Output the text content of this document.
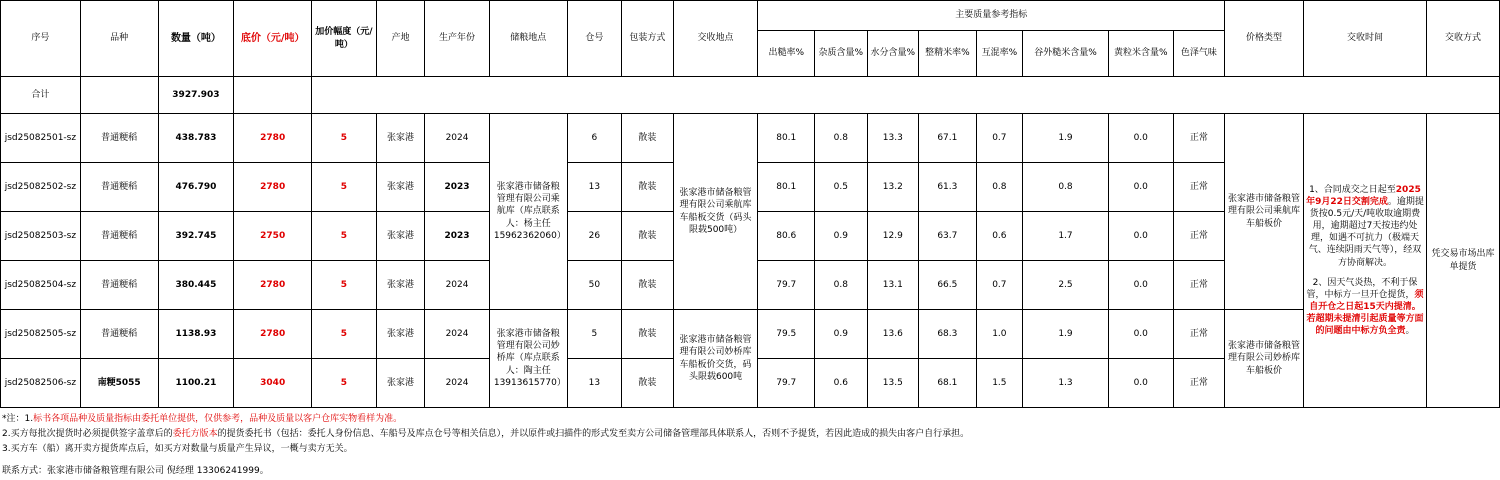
序号	品种	数量（吨）	底价（元/吨）	加价幅度（元/吨）	产地	生产年份	储粮地点	仓号	包装方式	交收地点	主要质量参考指标								价格类型	交收时间	交收方式
											出糙率%	杂质含量%	水分含量%	整精米率%	互混率%	谷外糙米含量%	黄粒米含量%	色泽气味			
合计		3927.903																			
jsd25082501-sz	普通粳稻	438.783	2780	5	张家港	2024	张家港市储备粮管理有限公司乘航库（库点联系人：杨主任15962362060）	6	散装	张家港市储备粮管理有限公司乘航库车船板交货（码头限载500吨）	80.1	0.8	13.3	67.1	0.7	1.9	0.0	正常	张家港市储备粮管理有限公司乘航库车船板价	1、合同成交之日起至2025年9月22日交割完成。逾期提货按0.5元/天/吨收取逾期费用，逾期超过7天按违约处理，如遇不可抗力（极端天气、连续阴雨天气等），经双方协商解决。
2、因天气炎热，不利于保管，中标方一旦开仓提货，须自开仓之日起15天内提清。若超期未提清引起质量等方面的问题由中标方负全责。	凭交易市场出库单提货
jsd25082502-sz	普通粳稻	476.790	2780	5	张家港	2023		13	散装		80.1	0.5	13.2	61.3	0.8	0.8	0.0	正常			
jsd25082503-sz	普通粳稻	392.745	2750	5	张家港	2023		26	散装		80.6	0.9	12.9	63.7	0.6	1.7	0.0	正常			
jsd25082504-sz	普通粳稻	380.445	2780	5	张家港	2024		50	散装		79.7	0.8	13.1	66.5	0.7	2.5	0.0	正常			
jsd25082505-sz	普通粳稻	1138.93	2780	5	张家港	2024	张家港市储备粮管理有限公司妙桥库（库点联系人：陶主任13913615770）	5	散装	张家港市储备粮管理有限公司妙桥库车船板价交货，码头限载600吨	79.5	0.9	13.6	68.3	1.0	1.9	0.0	正常	张家港市储备粮管理有限公司妙桥库车船板价		
jsd25082506-sz	南粳5055	1100.21	3040	5	张家港	2024		13	散装		79.7	0.6	13.5	68.1	1.5	1.3	0.0	正常			
*注：1.标书各项品种及质量指标由委托单位提供，仅供参考，品种及质量以客户仓库实物看样为准。
2.买方每批次提货时必须提供签字盖章后的委托方版本的提货委托书（包括：委托人身份信息、车船号及库点仓号等相关信息），并以原件或扫描件的形式发至卖方公司储备管理部具体联系人，否则不予提货，若因此造成的损失由客户自行承担。
3.买方车（船）离开卖方提货库点后，如买方对数量与质量产生异议，一概与卖方无关。
联系方式：张家港市储备粮管理有限公司 倪经理 13306241999。
